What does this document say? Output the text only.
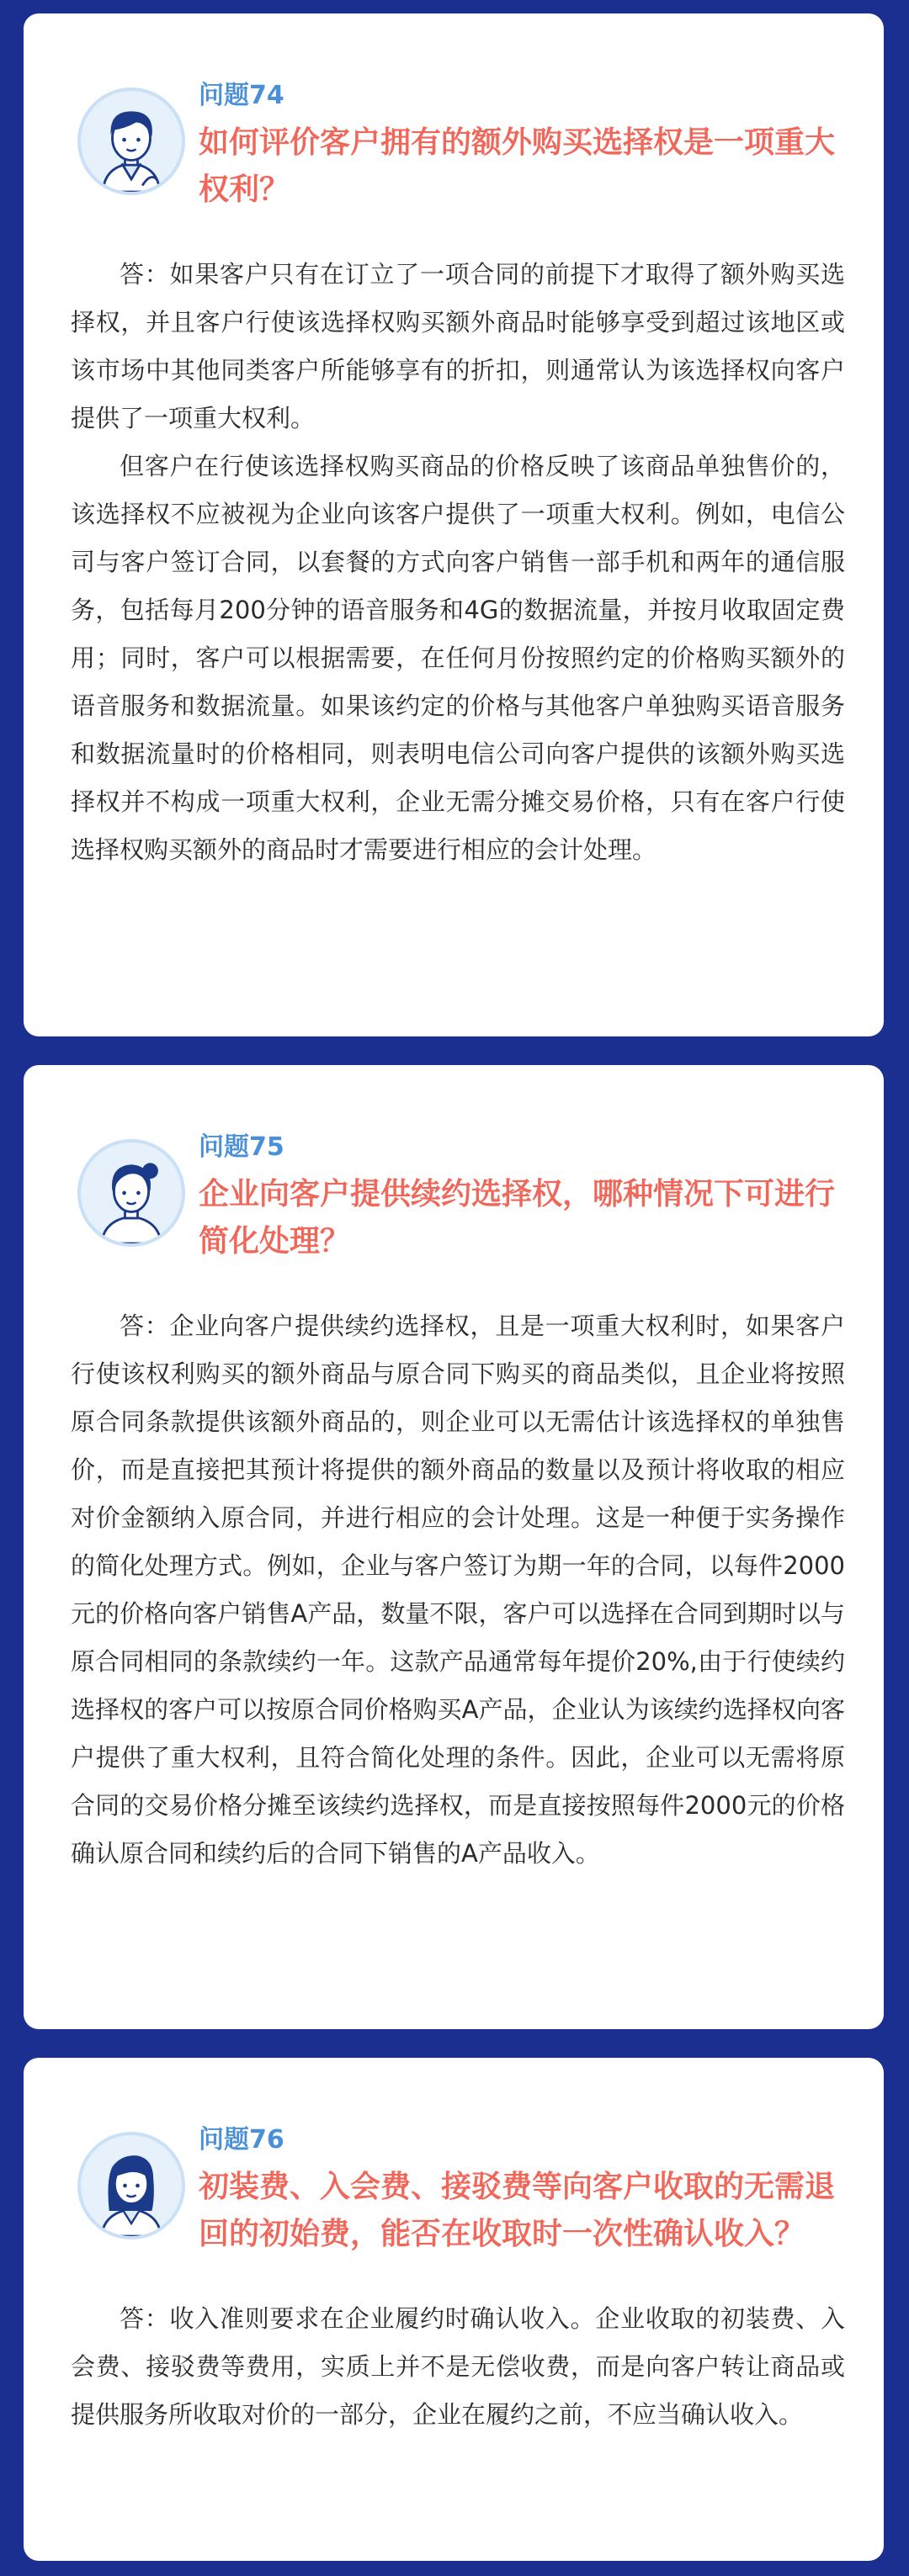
问题74
如何评价客户拥有的额外购买选择权是一项重大权利？

答：如果客户只有在订立了一项合同的前提下才取得了额外购买选择权，并且客户行使该选择权购买额外商品时能够享受到超过该地区或该市场中其他同类客户所能够享有的折扣，则通常认为该选择权向客户提供了一项重大权利。

但客户在行使该选择权购买商品的价格反映了该商品单独售价的，该选择权不应被视为企业向该客户提供了一项重大权利。例如，电信公司与客户签订合同，以套餐的方式向客户销售一部手机和两年的通信服务，包括每月200分钟的语音服务和4G的数据流量，并按月收取固定费用；同时，客户可以根据需要，在任何月份按照约定的价格购买额外的语音服务和数据流量。如果该约定的价格与其他客户单独购买语音服务和数据流量时的价格相同，则表明电信公司向客户提供的该额外购买选择权并不构成一项重大权利，企业无需分摊交易价格，只有在客户行使选择权购买额外的商品时才需要进行相应的会计处理。

问题75
企业向客户提供续约选择权，哪种情况下可进行简化处理？

答：企业向客户提供续约选择权，且是一项重大权利时，如果客户行使该权利购买的额外商品与原合同下购买的商品类似，且企业将按照原合同条款提供该额外商品的，则企业可以无需估计该选择权的单独售价，而是直接把其预计将提供的额外商品的数量以及预计将收取的相应对价金额纳入原合同，并进行相应的会计处理。这是一种便于实务操作的简化处理方式。例如，企业与客户签订为期一年的合同，以每件2000元的价格向客户销售A产品，数量不限，客户可以选择在合同到期时以与原合同相同的条款续约一年。这款产品通常每年提价20%,由于行使续约选择权的客户可以按原合同价格购买A产品，企业认为该续约选择权向客户提供了重大权利，且符合简化处理的条件。因此，企业可以无需将原合同的交易价格分摊至该续约选择权，而是直接按照每件2000元的价格确认原合同和续约后的合同下销售的A产品收入。

问题76
初装费、入会费、接驳费等向客户收取的无需退回的初始费，能否在收取时一次性确认收入？

答：收入准则要求在企业履约时确认收入。企业收取的初装费、入会费、接驳费等费用，实质上并不是无偿收费，而是向客户转让商品或提供服务所收取对价的一部分，企业在履约之前，不应当确认收入。
